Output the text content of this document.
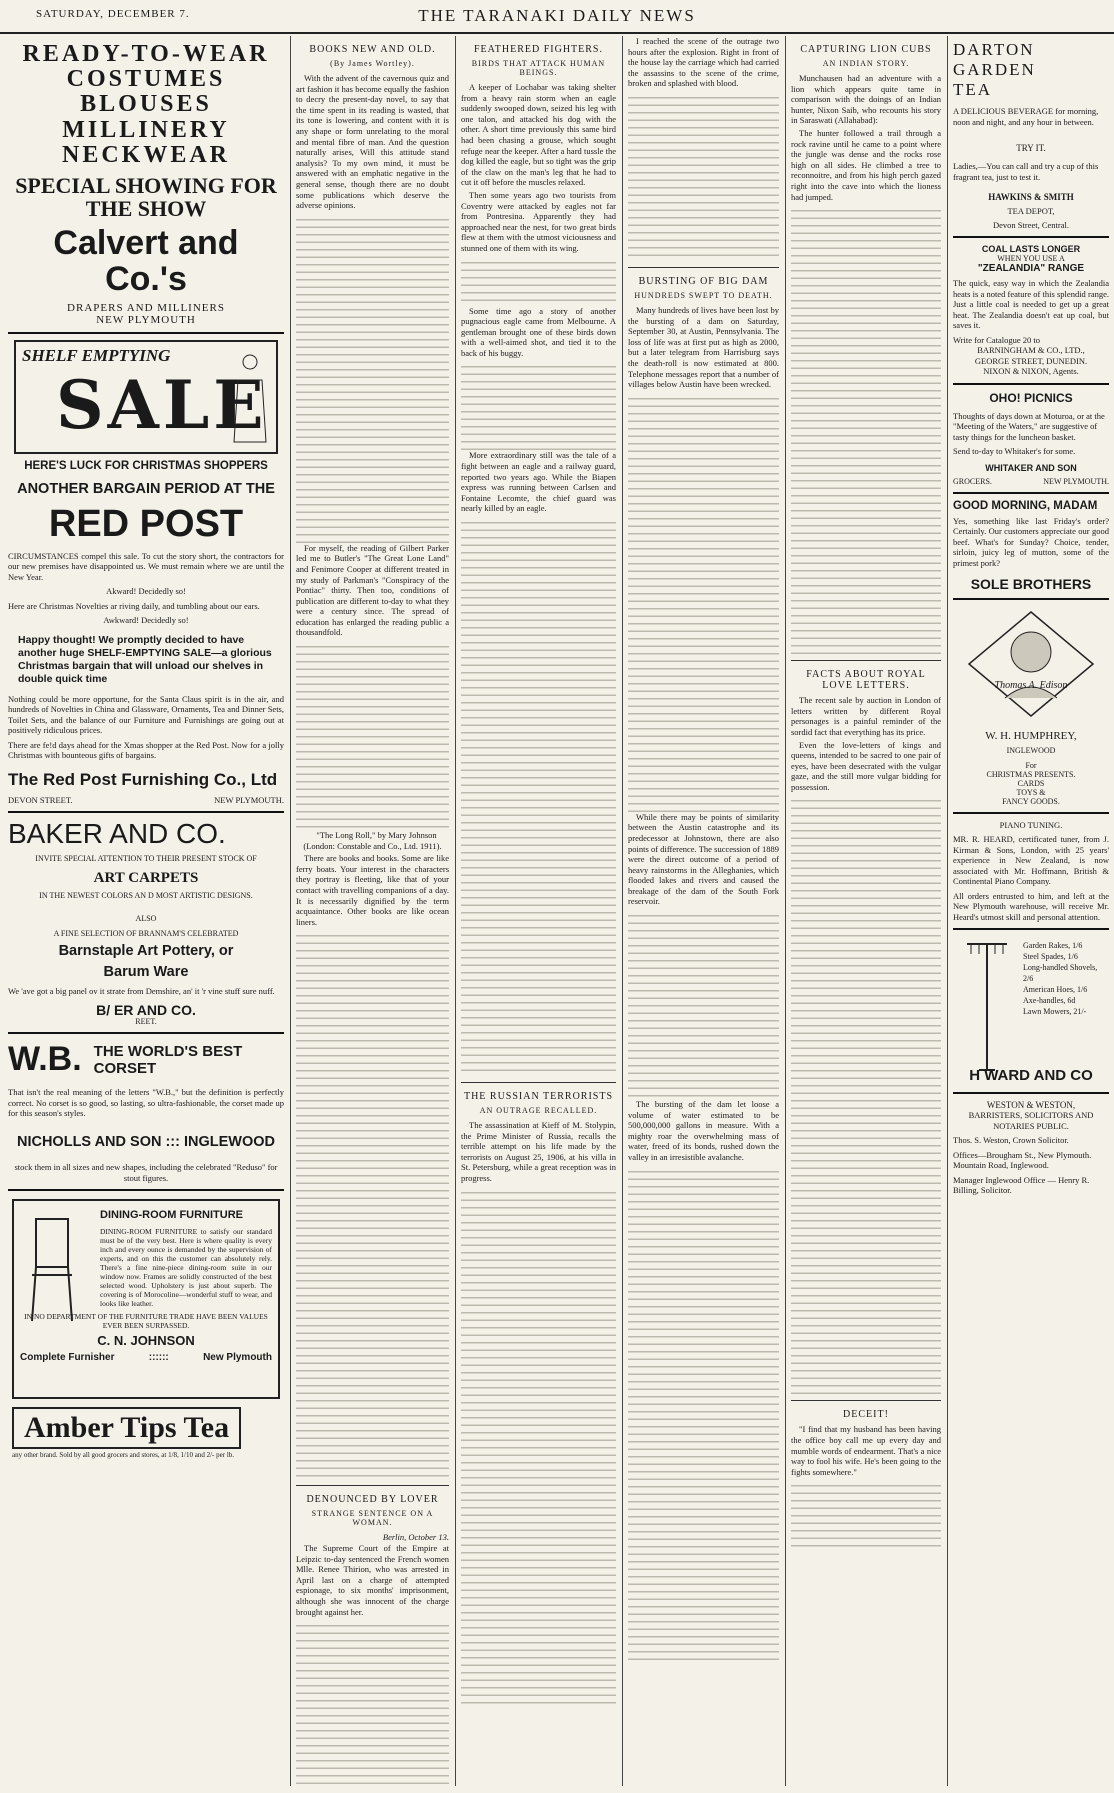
SATURDAY, DECEMBER 7.	THE TARANAKI DAILY NEWS
READY-TO-WEAR
COSTUMES
BLOUSES
MILLINERY
NECKWEAR
SPECIAL SHOWING FOR THE SHOW
Calvert and Co.'s
DRAPERS AND MILLINERS
NEW PLYMOUTH
SHELF EMPTYING
SALE
HERE'S LUCK FOR CHRISTMAS SHOPPERS
ANOTHER BARGAIN PERIOD AT THE
RED POST
CIRCUMSTANCES compel this sale. To cut the story short, the contractors for our new premises have disappointed us. We must remain where we are until the New Year.
Akward! Decidedly so!
Here are Christmas Novelties ar riving daily, and tumbling about our ears.
Awkward! Decidedly so!
Happy thought! We promptly decided to have another huge SHELF-EMPTYING SALE—a glorious Christmas bargain that will unload our shelves in double quick time
Nothing could be more opportune, for the Santa Claus spirit is in the air, and hundreds of Novelties in China and Glassware, Ornaments, Tea and Dinner Sets, Toilet Sets, and the balance of our Furniture and Furnishings are going out at positively ridiculous prices.
There are fe!d days ahead for the Xmas shopper at the Red Post. Now for a jolly Christmas with bounteous gifts of bargains.
The Red Post Furnishing Co., Ltd
DEVON STREET.	NEW PLYMOUTH.
BAKER AND CO.
INVITE SPECIAL ATTENTION TO THEIR PRESENT STOCK OF
ART CARPETS
IN THE NEWEST COLORS AN D MOST ARTISTIC DESIGNS.
ALSO
A FINE SELECTION OF BRANNAM'S CELEBRATED
Barnstaple Art Pottery, or
Barum Ware
We 'ave got a big panel ov it strate from Demshire, an' it 'r vine stuff sure nuff.
B/ ER AND CO.
REET.
W.B. THE WORLD'S BEST CORSET
That isn't the real meaning of the letters "W.B.," but the definition is perfectly correct. No corset is so good, so lasting, so ultra-fashionable, the corset made up for this season's styles.
NICHOLLS AND SON ::: INGLEWOOD
stock them in all sizes and new shapes, including the celebrated "Reduso" for stout figures.
DINING-ROOM FURNITURE
DINING-ROOM FURNITURE to satisfy our standard must be of the very best. Here is where quality is every inch and every ounce is demanded by the supervision of experts, and on this the customer can absolutely rely. There's a fine nine-piece dining-room suite in our window now. Frames are solidly constructed of the best selected wood. Upholstery is just about superb. The covering is of Morocoline—wonderful stuff to wear, and looks like leather.
IN NO DEPARTMENT OF THE FURNITURE TRADE HAVE BEEN VALUES EVER BEEN SURPASSED.
C. N. JOHNSON
Complete Furnisher	::::::	New Plymouth
Amber Tips Tea
any other brand. Sold by all good grocers and stores, at 1/8, 1/10 and 2/- per lb.
BOOKS NEW AND OLD.
(By James Wortley).

With the advent of the cavernous quiz and art fashion it has become equally the fashion to decry the present-day novel, to say that the time spent in its reading is wasted, that its tone is lowering, and content with it is any shape or form unrelating to the moral and mental fibre of man. And the question naturally arises, Will this attitude stand analysis? To my own mind, it must be answered with an emphatic negative in the general sense, though there are no doubt some publications which deserve the adverse opinions.

For myself, the reading of Gilbert Parker led me to Butler's "The Great Lone Land" and Fenimore Cooper at different treated in my study of Parkman's "Conspiracy of the Pontiac" thirty. Then too, conditions of publication are different to-day to what they were a century since. The spread of education has enlarged the reading public a thousandfold.

"The Long Roll," by Mary Johnson (London: Constable and Co., Ltd. 1911).

There are books and books. Some are like ferry boats. Your interest in the characters they portray is fleeting, like that of your contact with travelling companions of a day. It is necessarily dignified by the term acquaintance. Other books are like ocean liners.

DENOUNCED BY LOVER
STRANGE SENTENCE ON A WOMAN.
Berlin, October 13.

The Supreme Court of the Empire at Leipzic to-day sentenced the French women Mlle. Renee Thirion, who was arrested in April last on a charge of attempted espionage, to six months' imprisonment, although she was innocent of the charge brought against her.

FEATHERED FIGHTERS.
BIRDS THAT ATTACK HUMAN BEINGS.

A keeper of Lochabar was taking shelter from a heavy rain storm when an eagle suddenly swooped down, seized his leg with one talon, and attacked his dog with the other. A short time previously this same bird had been chasing a grouse, which sought refuge near the keeper. After a hard tussle the dog killed the eagle, but so tight was the grip of the claw on the man's leg that he had to cut it off before the muscles relaxed.

Then some years ago two tourists from Coventry were attacked by eagles not far from Pontresina. Apparently they had approached near the nest, for two great birds flew at them with the utmost viciousness and stunned one of them with its wing.

Some time ago a story of another pugnacious eagle came from Melbourne. A gentleman brought one of these birds down with a well-aimed shot, and tied it to the back of his buggy.

More extraordinary still was the tale of a fight between an eagle and a railway guard, reported two years ago. While the Biapen express was running between Carlsen and Fontaine Lecomte, the chief guard was nearly killed by an eagle.

THE RUSSIAN TERRORISTS
AN OUTRAGE RECALLED.

The assassination at Kieff of M. Stolypin, the Prime Minister of Russia, recalls the terrible attempt on his life made by the terrorists on August 25, 1906, at his villa in St. Petersburg, while a great reception was in progress.

I reached the scene of the outrage two hours after the explosion. Right in front of the house lay the carriage which had carried the assassins to the scene of the crime, broken and splashed with blood.

BURSTING OF BIG DAM
HUNDREDS SWEPT TO DEATH.

Many hundreds of lives have been lost by the bursting of a dam on Saturday, September 30, at Austin, Pennsylvania. The loss of life was at first put as high as 2000, but a later telegram from Harrisburg says the death-roll is now estimated at 800. Telephone messages report that a number of villages below Austin have been wrecked.

While there may be points of similarity between the Austin catastrophe and its predecessor at Johnstown, there are also points of difference. The succession of 1889 were the direct outcome of a period of heavy rainstorms in the Alleghanies, which flooded lakes and rivers and caused the breakage of the dam of the South Fork reservoir.

The bursting of the dam let loose a volume of water estimated to be 500,000,000 gallons in measure. With a mighty roar the overwhelming mass of water, freed of its bonds, rushed down the valley in an irresistible avalanche.

CAPTURING LION CUBS
AN INDIAN STORY.

Munchausen had an adventure with a lion which appears quite tame in comparison with the doings of an Indian hunter, Nixon Saib, who recounts his story in Saraswati (Allahabad):

The hunter followed a trail through a rock ravine until he came to a point where the jungle was dense and the rocks rose high on all sides. He climbed a tree to reconnoitre, and from his high perch gazed right into the cave into which the lioness had jumped.

FACTS ABOUT ROYAL LOVE LETTERS.

The recent sale by auction in London of letters written by different Royal personages is a painful reminder of the sordid fact that everything has its price.

Even the love-letters of kings and queens, intended to be sacred to one pair of eyes, have been desecrated with the vulgar gaze, and the still more vulgar bidding for possession.

DECEIT!

"I find that my husband has been having the office boy call me up every day and mumble words of endearment. That's a nice way to fool his wife. He's been going to the fights somewhere."

DARTON
GARDEN
TEA
A DELICIOUS BEVERAGE for morning, noon and night, and any hour in between.
TRY IT.
Ladies,—You can call and try a cup of this fragrant tea, just to test it.
HAWKINS & SMITH
TEA DEPOT,
Devon Street, Central.
COAL LASTS LONGER
WHEN YOU USE A
"ZEALANDIA" RANGE
The quick, easy way in which the Zealandia heats is a noted feature of this splendid range. Just a little coal is needed to get up a great heat. The Zealandia doesn't eat up coal, but saves it.
Write for Catalogue 20 to
BARNINGHAM & CO., LTD.,
GEORGE STREET, DUNEDIN.
NIXON & NIXON, Agents.
OHO! PICNICS
Thoughts of days down at Moturoa, or at the "Meeting of the Waters," are suggestive of tasty things for the luncheon basket.
Send to-day to Whitaker's for some.
WHITAKER AND SON
GROCERS.	NEW PLYMOUTH.
GOOD MORNING, MADAM
Yes, something like last Friday's order? Certainly. Our customers appreciate our good beef. What's for Sunday? Choice, tender, sirloin, juicy leg of mutton, some of the primest pork?
SOLE BROTHERS
Thomas A. Edison
W. H. HUMPHREY,
INGLEWOOD
For
CHRISTMAS PRESENTS.
CARDS
TOYS &
FANCY GOODS.
PIANO TUNING.
MR. R. HEARD, certificated tuner, from J. Kirman & Sons, London, with 25 years' experience in New Zealand, is now associated with Mr. Hoffmann, British & Continental Piano Company.
All orders entrusted to him, and left at the New Plymouth warehouse, will receive Mr. Heard's utmost skill and personal attention.
Garden Rakes, 1/6
Steel Spades, 1/6
Long-handled Shovels, 2/6
American Hoes, 1/6
Axe-handles, 6d
Lawn Mowers, 21/-
H WARD AND CO
WESTON & WESTON,
BARRISTERS, SOLICITORS AND NOTARIES PUBLIC.
Thos. S. Weston, Crown Solicitor.
Offices—Brougham St., New Plymouth. Mountain Road, Inglewood.
Manager Inglewood Office — Henry R. Billing, Solicitor.
